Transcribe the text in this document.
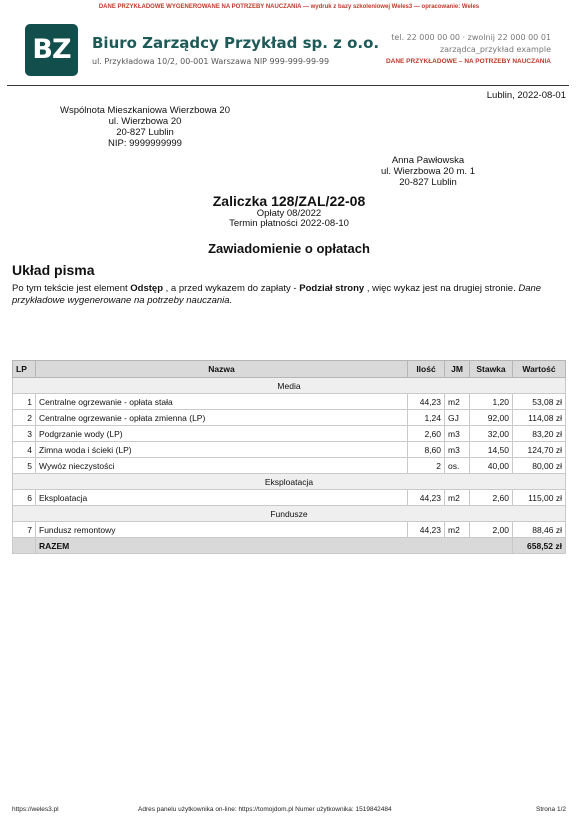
DANE PRZYKŁADOWE WYGENEROWANE NA POTRZEBY NAUCZANIA — wydruk z bazy szkoleniowej Weles3 — opracowanie: Weles
BZ	Biuro Zarządcy Przykład sp. z o.o.
ul. Przykładowa 10/2, 00-001 Warszawa NIP 999-999-99-99
tel. 22 000 00 00 · zwolnij 22 000 00 01
zarządca_przykład example
DANE PRZYKŁADOWE – NA POTRZEBY NAUCZANIA
Lublin, 2022-08-01
Wspólnota Mieszkaniowa Wierzbowa 20
ul. Wierzbowa 20
20-827 Lublin
NIP: 9999999999
Anna Pawłowska
ul. Wierzbowa 20 m. 1
20-827 Lublin
Zaliczka 128/ZAL/22-08
Opłaty 08/2022
Termin płatności 2022-08-10
Zawiadomienie o opłatach
Układ pisma
Po tym tekście jest element Odstęp , a przed wykazem do zapłaty - Podział strony , więc wykaz jest na drugiej stronie. Dane przykładowe wygenerowane na potrzeby nauczania.
LP	Nazwa	Ilość	JM	Stawka	Wartość
Media					
1	Centralne ogrzewanie - opłata stała	44,23	m2	1,20	53,08 zł
2	Centralne ogrzewanie - opłata zmienna (LP)	1,24	GJ	92,00	114,08 zł
3	Podgrzanie wody (LP)	2,60	m3	32,00	83,20 zł
4	Zimna woda i ścieki (LP)	8,60	m3	14,50	124,70 zł
5	Wywóz nieczystości	2	os.	40,00	80,00 zł
Eksploatacja					
6	Eksploatacja	44,23	m2	2,60	115,00 zł
Fundusze					
7	Fundusz remontowy	44,23	m2	2,00	88,46 zł
	RAZEM				658,52 zł
https://weles3.pl	Adres panelu użytkownika on-line: https://tomojdom.pl Numer użytkownika: 1519842484	Strona 1/2
